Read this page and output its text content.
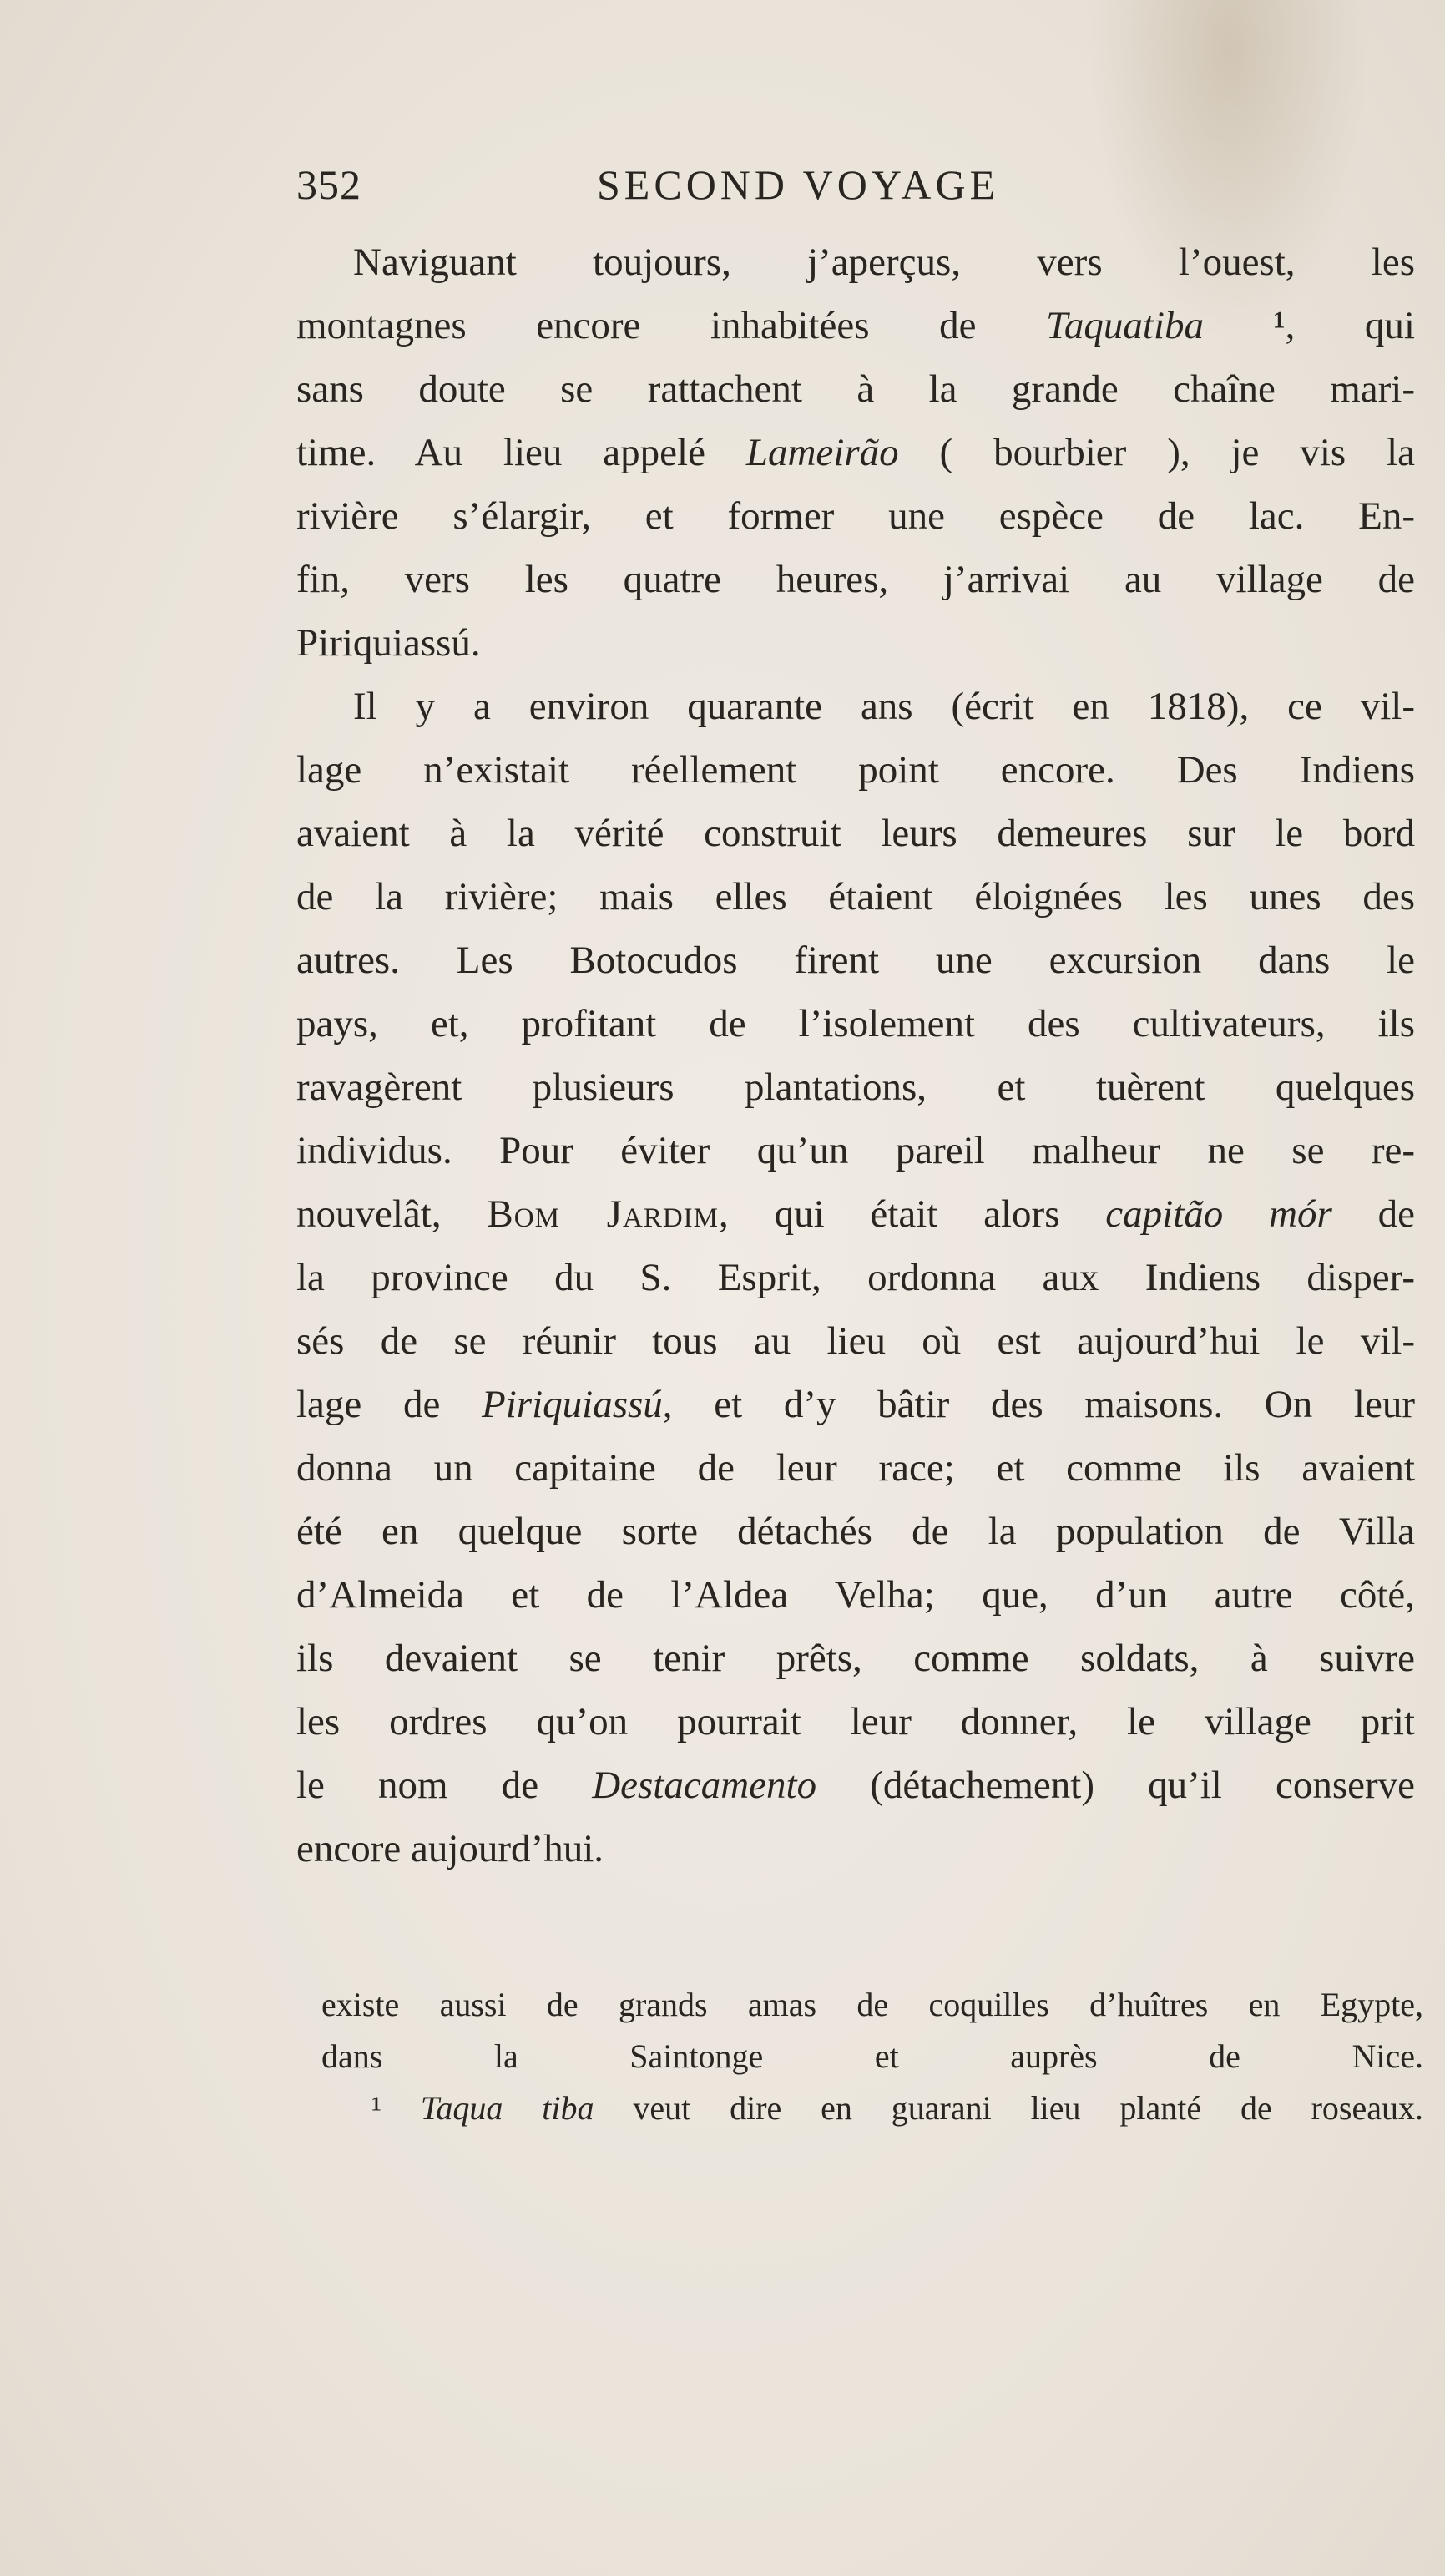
352	SECOND VOYAGE
Naviguant toujours, j’aperçus, vers l’ouest, les
montagnes encore inhabitées de Taquatiba ¹, qui
sans doute se rattachent à la grande chaîne mari-
time. Au lieu appelé Lameirão ( bourbier ), je vis la
rivière s’élargir, et former une espèce de lac. En-
fin, vers les quatre heures, j’arrivai au village de
Piriquiassú.
Il y a environ quarante ans (écrit en 1818), ce vil-
lage n’existait réellement point encore. Des Indiens
avaient à la vérité construit leurs demeures sur le bord
de la rivière; mais elles étaient éloignées les unes des
autres. Les Botocudos firent une excursion dans le
pays, et, profitant de l’isolement des cultivateurs, ils
ravagèrent plusieurs plantations, et tuèrent quelques
individus. Pour éviter qu’un pareil malheur ne se re-
nouvelât, Bom Jardim, qui était alors capitão mór de
la province du S. Esprit, ordonna aux Indiens disper-
sés de se réunir tous au lieu où est aujourd’hui le vil-
lage de Piriquiassú, et d’y bâtir des maisons. On leur
donna un capitaine de leur race; et comme ils avaient
été en quelque sorte détachés de la population de Villa
d’Almeida et de l’Aldea Velha; que, d’un autre côté,
ils devaient se tenir prêts, comme soldats, à suivre
les ordres qu’on pourrait leur donner, le village prit
le nom de Destacamento (détachement) qu’il conserve
encore aujourd’hui.
existe aussi de grands amas de coquilles d’huîtres en Egypte,
dans la Saintonge et auprès de Nice.
¹ Taqua tiba veut dire en guarani lieu planté de roseaux.
